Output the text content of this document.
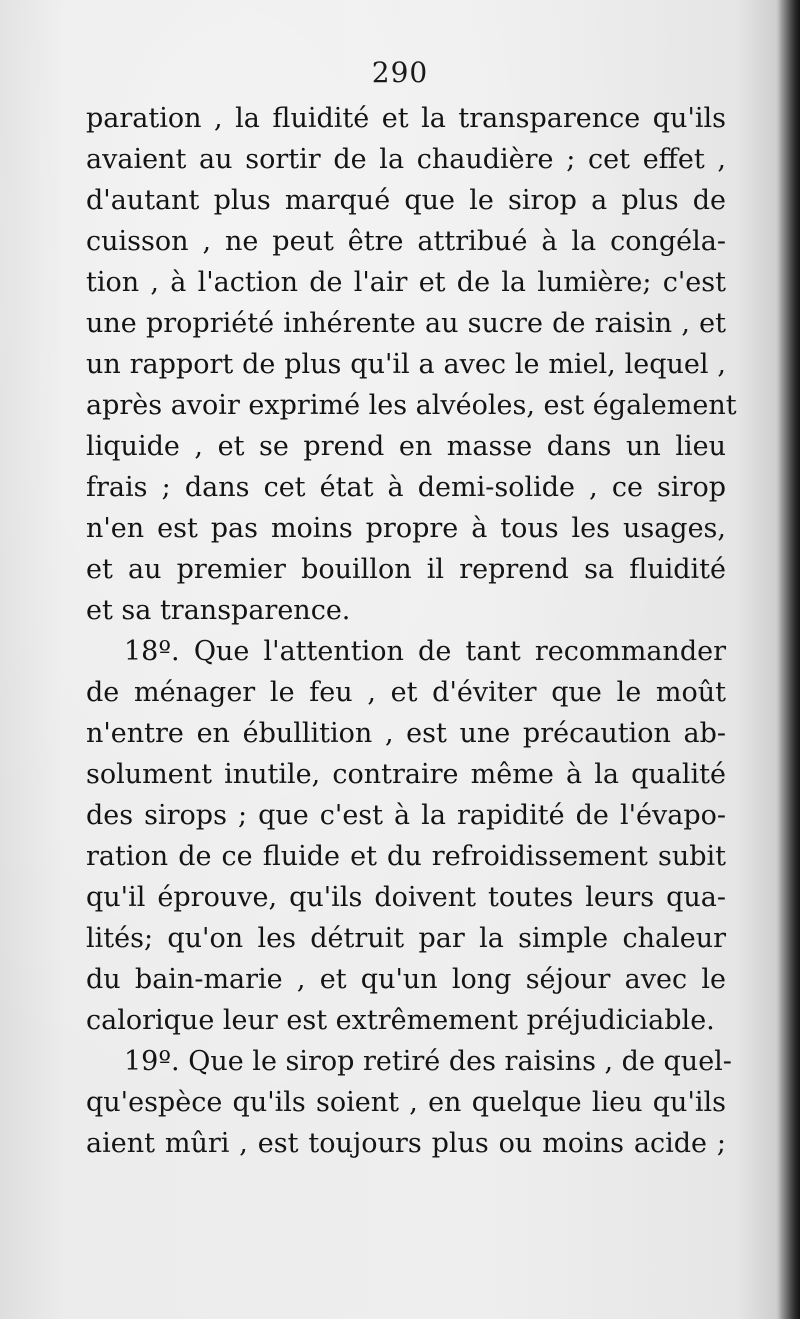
290
paration , la fluidité et la transparence qu'ils
avaient au sortir de la chaudière ; cet effet ,
d'autant plus marqué que le sirop a plus de
cuisson , ne peut être attribué à la congéla-
tion , à l'action de l'air et de la lumière; c'est
une propriété inhérente au sucre de raisin , et
un rapport de plus qu'il a avec le miel, lequel ,
après avoir exprimé les alvéoles, est également
liquide , et se prend en masse dans un lieu
frais ; dans cet état à demi-solide , ce sirop
n'en est pas moins propre à tous les usages,
et au premier bouillon il reprend sa fluidité
et sa transparence.
18º. Que l'attention de tant recommander
de ménager le feu , et d'éviter que le moût
n'entre en ébullition , est une précaution ab-
solument inutile, contraire même à la qualité
des sirops ; que c'est à la rapidité de l'évapo-
ration de ce fluide et du refroidissement subit
qu'il éprouve, qu'ils doivent toutes leurs qua-
lités; qu'on les détruit par la simple chaleur
du bain-marie , et qu'un long séjour avec le
calorique leur est extrêmement préjudiciable.
19º. Que le sirop retiré des raisins , de quel-
qu'espèce qu'ils soient , en quelque lieu qu'ils
aient mûri , est toujours plus ou moins acide ;
